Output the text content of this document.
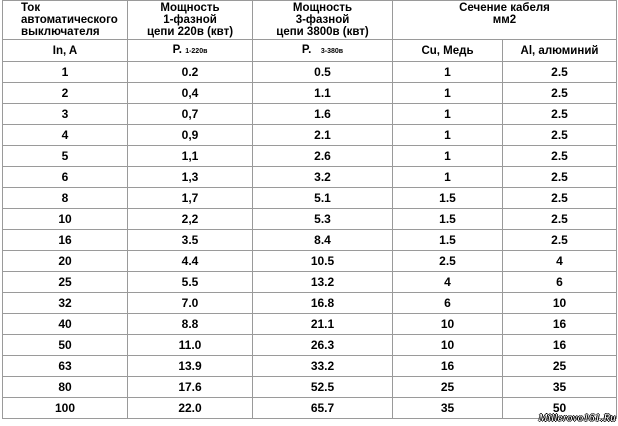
Ток
автоматического
выключателя	Мощность
1-фазной
цепи 220в (квт)	Мощность
3-фазной
цепи 3800в (квт)	Сечение кабеля
мм2	

In, A	P. 1-220в	P. 3-380в	Cu, Медь	Al, алюминий
1	0.2	0.5	1	2.5
2	0,4	1.1	1	2.5
3	0,7	1.6	1	2.5
4	0,9	2.1	1	2.5
5	1,1	2.6	1	2.5
6	1,3	3.2	1	2.5
8	1,7	5.1	1.5	2.5
10	2,2	5.3	1.5	2.5
16	3.5	8.4	1.5	2.5
20	4.4	10.5	2.5	4
25	5.5	13.2	4	6
32	7.0	16.8	6	10
40	8.8	21.1	10	16
50	11.0	26.3	10	16
63	13.9	33.2	16	25
80	17.6	52.5	25	35
100	22.0	65.7	35	50
Millerovo161.Ru
